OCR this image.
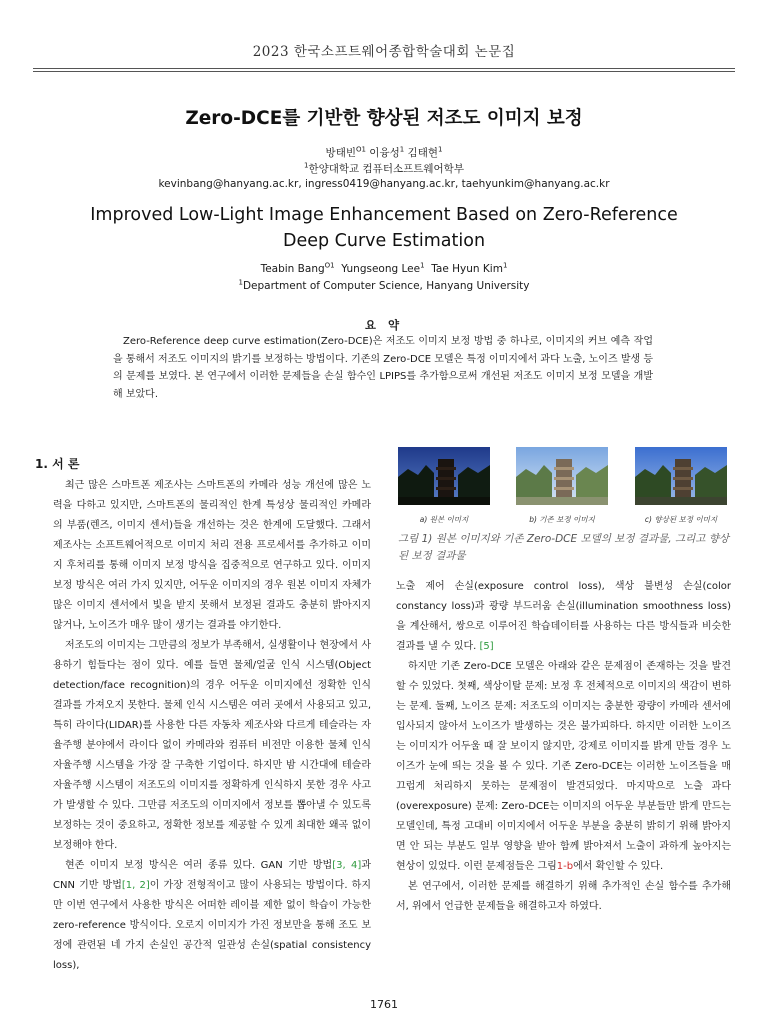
2023 한국소프트웨어종합학술대회 논문집
Zero-DCE를 기반한 향상된 저조도 이미지 보정
방태빈$^{O1}$ 이융성$^1$ 김태현$^1$
$^1$한양대학교 컴퓨터소프트웨어학부
kevinbang@hanyang.ac.kr, ingress0419@hanyang.ac.kr, taehyunkim@hanyang.ac.kr
Improved Low-Light Image Enhancement Based on Zero-Reference Deep Curve Estimation
Teabin Bang$^{O1}$ Yungseong Lee$^1$ Tae Hyun Kim$^1$
$^1$Department of Computer Science, Hanyang University
요 약
Zero-Reference deep curve estimation(Zero-DCE)은 저조도 이미지 보정 방법 중 하나로, 이미지의 커브 예측 작업을 통해서 저조도 이미지의 밝기를 보정하는 방법이다. 기존의 Zero-DCE 모델은 특정 이미지에서 과다 노출, 노이즈 발생 등의 문제를 보였다. 본 연구에서 이러한 문제들을 손실 함수인 LPIPS를 추가함으로써 개선된 저조도 이미지 보정 모델을 개발해 보았다.
1. 서 론

최근 많은 스마트폰 제조사는 스마트폰의 카메라 성능 개선에 많은 노력을 다하고 있지만, 스마트폰의 물리적인 한계 특성상 물리적인 카메라의 부품(렌즈, 이미지 센서)들을 개선하는 것은 한계에 도달했다. 그래서 제조사는 소프트웨어적으로 이미지 처리 전용 프로세서를 추가하고 이미지 후처리를 통해 이미지 보정 방식을 집중적으로 연구하고 있다. 이미지 보정 방식은 여러 가지 있지만, 어두운 이미지의 경우 원본 이미지 자체가 많은 이미지 센서에서 빛을 받지 못해서 보정된 결과도 충분히 밝아지지 않거나, 노이즈가 매우 많이 생기는 결과를 야기한다.

저조도의 이미지는 그만큼의 정보가 부족해서, 실생활이나 현장에서 사용하기 힘들다는 점이 있다. 예를 들면 물체/얼굴 인식 시스템(Object detection/face recognition)의 경우 어두운 이미지에선 정확한 인식 결과를 가져오지 못한다. 물체 인식 시스템은 여러 곳에서 사용되고 있고, 특히 라이다(LIDAR)를 사용한 다른 자동차 제조사와 다르게 테슬라는 자율주행 분야에서 라이다 없이 카메라와 컴퓨터 비전만 이용한 물체 인식 자율주행 시스템을 가장 잘 구축한 기업이다. 하지만 밤 시간대에 테슬라 자율주행 시스템이 저조도의 이미지를 정확하게 인식하지 못한 경우 사고가 발생할 수 있다. 그만큼 저조도의 이미지에서 정보를 뽑아낼 수 있도록 보정하는 것이 중요하고, 정확한 정보를 제공할 수 있게 최대한 왜곡 없이 보정해야 한다.

현존 이미지 보정 방식은 여러 종류 있다. GAN 기반 방법[3, 4]과 CNN 기반 방법[1, 2]이 가장 전형적이고 많이 사용되는 방법이다. 하지만 이번 연구에서 사용한 방식은 어떠한 레이블 제한 없이 학습이 가능한 zero-reference 방식이다. 오로지 이미지가 가진 정보만을 통해 조도 보정에 관련된 네 가지 손실인 공간적 일관성 손실(spatial consistency loss),

a) 원본 이미지	b) 기존 보정 이미지	c) 향상된 보정 이미지
그림 1) 원본 이미지와 기존 Zero-DCE 모델의 보정 결과물, 그리고 향상된 보정 결과물

노출 제어 손실(exposure control loss), 색상 불변성 손실(color constancy loss)과 광량 부드러움 손실(illumination smoothness loss)을 계산해서, 쌍으로 이루어진 학습데이터를 사용하는 다른 방식들과 비슷한 결과를 낼 수 있다. [5]

하지만 기존 Zero-DCE 모델은 아래와 같은 문제점이 존재하는 것을 발견할 수 있었다. 첫째, 색상이탈 문제: 보정 후 전체적으로 이미지의 색감이 변하는 문제. 둘째, 노이즈 문제: 저조도의 이미지는 충분한 광량이 카메라 센서에 입사되지 않아서 노이즈가 발생하는 것은 불가피하다. 하지만 이러한 노이즈는 이미지가 어두울 때 잘 보이지 않지만, 강제로 이미지를 밝게 만들 경우 노이즈가 눈에 띄는 것을 볼 수 있다. 기존 Zero-DCE는 이러한 노이즈들을 매끄럽게 처리하지 못하는 문제점이 발견되었다. 마지막으로 노출 과다(overexposure) 문제: Zero-DCE는 이미지의 어두운 부분들만 밝게 만드는 모델인데, 특정 고대비 이미지에서 어두운 부분을 충분히 밝히기 위해 밝아지면 안 되는 부분도 일부 영향을 받아 함께 밝아져서 노출이 과하게 높아지는 현상이 있었다. 이런 문제점들은 그림1-b에서 확인할 수 있다.

본 연구에서, 이러한 문제를 해결하기 위해 추가적인 손실 함수를 추가해서, 위에서 언급한 문제들을 해결하고자 하였다.

1761
